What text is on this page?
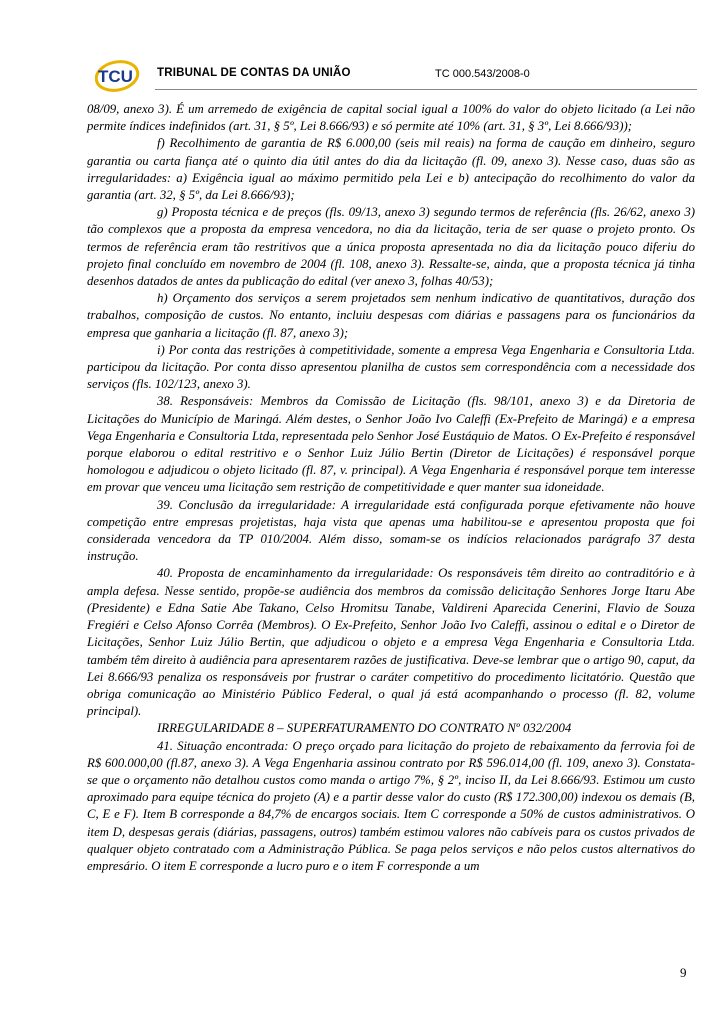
TCU TRIBUNAL DE CONTAS DA UNIÃO	TC 000.543/2008-0

08/09, anexo 3). É um arremedo de exigência de capital social igual a 100% do valor do objeto licitado (a Lei não permite índices indefinidos (art. 31, § 5º, Lei 8.666/93) e só permite até 10% (art. 31, § 3º, Lei 8.666/93));

f) Recolhimento de garantia de R$ 6.000,00 (seis mil reais) na forma de caução em dinheiro, seguro garantia ou carta fiança até o quinto dia útil antes do dia da licitação (fl. 09, anexo 3). Nesse caso, duas são as irregularidades: a) Exigência igual ao máximo permitido pela Lei e b) antecipação do recolhimento do valor da garantia (art. 32, § 5º, da Lei 8.666/93);

g) Proposta técnica e de preços (fls. 09/13, anexo 3) segundo termos de referência (fls. 26/62, anexo 3) tão complexos que a proposta da empresa vencedora, no dia da licitação, teria de ser quase o projeto pronto. Os termos de referência eram tão restritivos que a única proposta apresentada no dia da licitação pouco diferiu do projeto final concluído em novembro de 2004 (fl. 108, anexo 3). Ressalte-se, ainda, que a proposta técnica já tinha desenhos datados de antes da publicação do edital (ver anexo 3, folhas 40/53);

h) Orçamento dos serviços a serem projetados sem nenhum indicativo de quantitativos, duração dos trabalhos, composição de custos. No entanto, incluiu despesas com diárias e passagens para os funcionários da empresa que ganharia a licitação (fl. 87, anexo 3);

i) Por conta das restrições à competitividade, somente a empresa Vega Engenharia e Consultoria Ltda. participou da licitação. Por conta disso apresentou planilha de custos sem correspondência com a necessidade dos serviços (fls. 102/123, anexo 3).

38. Responsáveis: Membros da Comissão de Licitação (fls. 98/101, anexo 3) e da Diretoria de Licitações do Município de Maringá. Além destes, o Senhor João Ivo Caleffi (Ex-Prefeito de Maringá) e a empresa Vega Engenharia e Consultoria Ltda, representada pelo Senhor José Eustáquio de Matos. O Ex-Prefeito é responsável porque elaborou o edital restritivo e o Senhor Luiz Júlio Bertin (Diretor de Licitações) é responsável porque homologou e adjudicou o objeto licitado (fl. 87, v. principal). A Vega Engenharia é responsável porque tem interesse em provar que venceu uma licitação sem restrição de competitividade e quer manter sua idoneidade.

39. Conclusão da irregularidade: A irregularidade está configurada porque efetivamente não houve competição entre empresas projetistas, haja vista que apenas uma habilitou-se e apresentou proposta que foi considerada vencedora da TP 010/2004. Além disso, somam-se os indícios relacionados parágrafo 37 desta instrução.

40. Proposta de encaminhamento da irregularidade: Os responsáveis têm direito ao contraditório e à ampla defesa. Nesse sentido, propõe-se audiência dos membros da comissão delicitação Senhores Jorge Itaru Abe (Presidente) e Edna Satie Abe Takano, Celso Hromitsu Tanabe, Valdireni Aparecida Cenerini, Flavio de Souza Fregiéri e Celso Afonso Corrêa (Membros). O Ex-Prefeito, Senhor João Ivo Caleffi, assinou o edital e o Diretor de Licitações, Senhor Luiz Júlio Bertin, que adjudicou o objeto e a empresa Vega Engenharia e Consultoria Ltda. também têm direito à audiência para apresentarem razões de justificativa. Deve-se lembrar que o artigo 90, caput, da Lei 8.666/93 penaliza os responsáveis por frustrar o caráter competitivo do procedimento licitatório. Questão que obriga comunicação ao Ministério Público Federal, o qual já está acompanhando o processo (fl. 82, volume principal).

IRREGULARIDADE 8 – SUPERFATURAMENTO DO CONTRATO Nº 032/2004

41. Situação encontrada: O preço orçado para licitação do projeto de rebaixamento da ferrovia foi de R$ 600.000,00 (fl.87, anexo 3). A Vega Engenharia assinou contrato por R$ 596.014,00 (fl. 109, anexo 3). Constata-se que o orçamento não detalhou custos como manda o artigo 7%, § 2º, inciso II, da Lei 8.666/93. Estimou um custo aproximado para equipe técnica do projeto (A) e a partir desse valor do custo (R$ 172.300,00) indexou os demais (B, C, E e F). Item B corresponde a 84,7% de encargos sociais. Item C corresponde a 50% de custos administrativos. O item D, despesas gerais (diárias, passagens, outros) também estimou valores não cabíveis para os custos privados de qualquer objeto contratado com a Administração Pública. Se paga pelos serviços e não pelos custos alternativos do empresário. O item E corresponde a lucro puro e o item F corresponde a um

9
